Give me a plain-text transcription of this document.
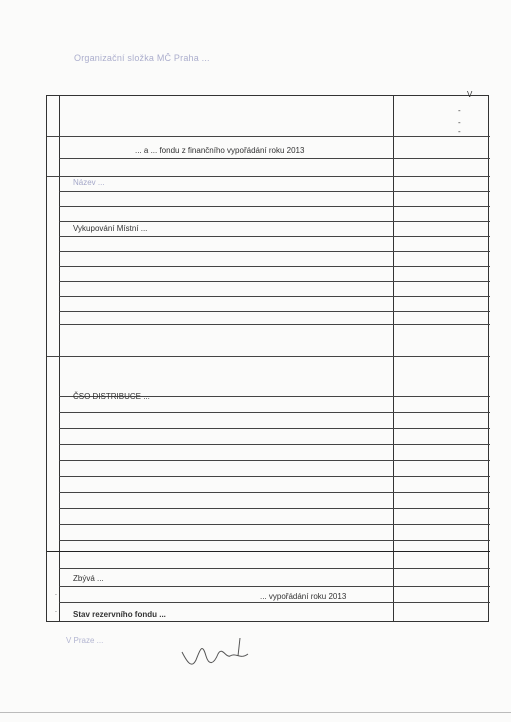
Organizační složka MČ Praha ...
V
... a ... fondu z finančního vypořádání roku 2013
-
-
-
Název ...
Vykupování Místní ...
ČSO DISTRIBUCE ...
Zbývá ...
... vypořádání roku 2013
Stav rezervního fondu ...
.
.
V Praze ...
